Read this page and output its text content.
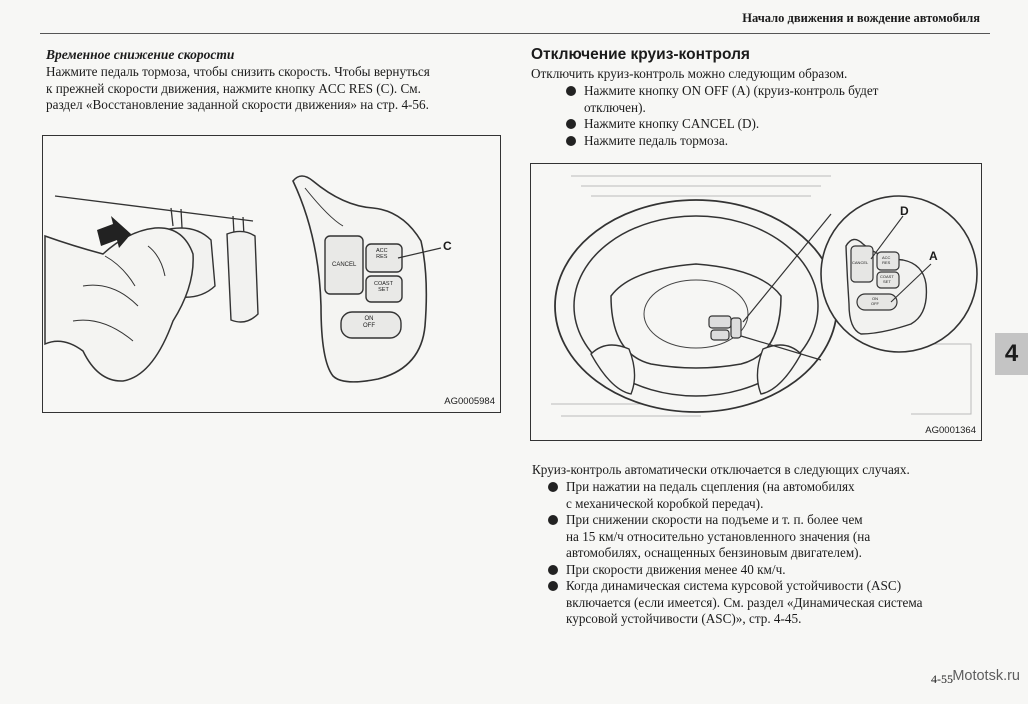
Начало движения и вождение автомобиля
4
Временное снижение скорости
Нажмите педаль тормоза, чтобы снизить скорость. Чтобы вернуться
к прежней скорости движения, нажмите кнопку ACC RES (C). См.
раздел «Восстановление заданной скорости движения» на стр. 4-56.
CANCEL
ACC
RES
COAST
SET
ON
OFF
C
AG0005984
Отключение круиз-контроля
Отключить круиз-контроль можно следующим образом.
Нажмите кнопку ON OFF (A) (круиз-контроль будет
отключен).
Нажмите кнопку CANCEL (D).
Нажмите педаль тормоза.
CANCEL
ACC
RES
COAST
SET
ON
OFF
D
A
AG0001364
Круиз-контроль автоматически отключается в следующих случаях.
При нажатии на педаль сцепления (на автомобилях
с механической коробкой передач).
При снижении скорости на подъеме и т. п. более чем
на 15 км/ч относительно установленного значения (на
автомобилях, оснащенных бензиновым двигателем).
При скорости движения менее 40 км/ч.
Когда динамическая система курсовой устойчивости (ASC)
включается (если имеется). См. раздел «Динамическая система
курсовой устойчивости (ASC)», стр. 4-45.
4-55 Mototsk.ru
